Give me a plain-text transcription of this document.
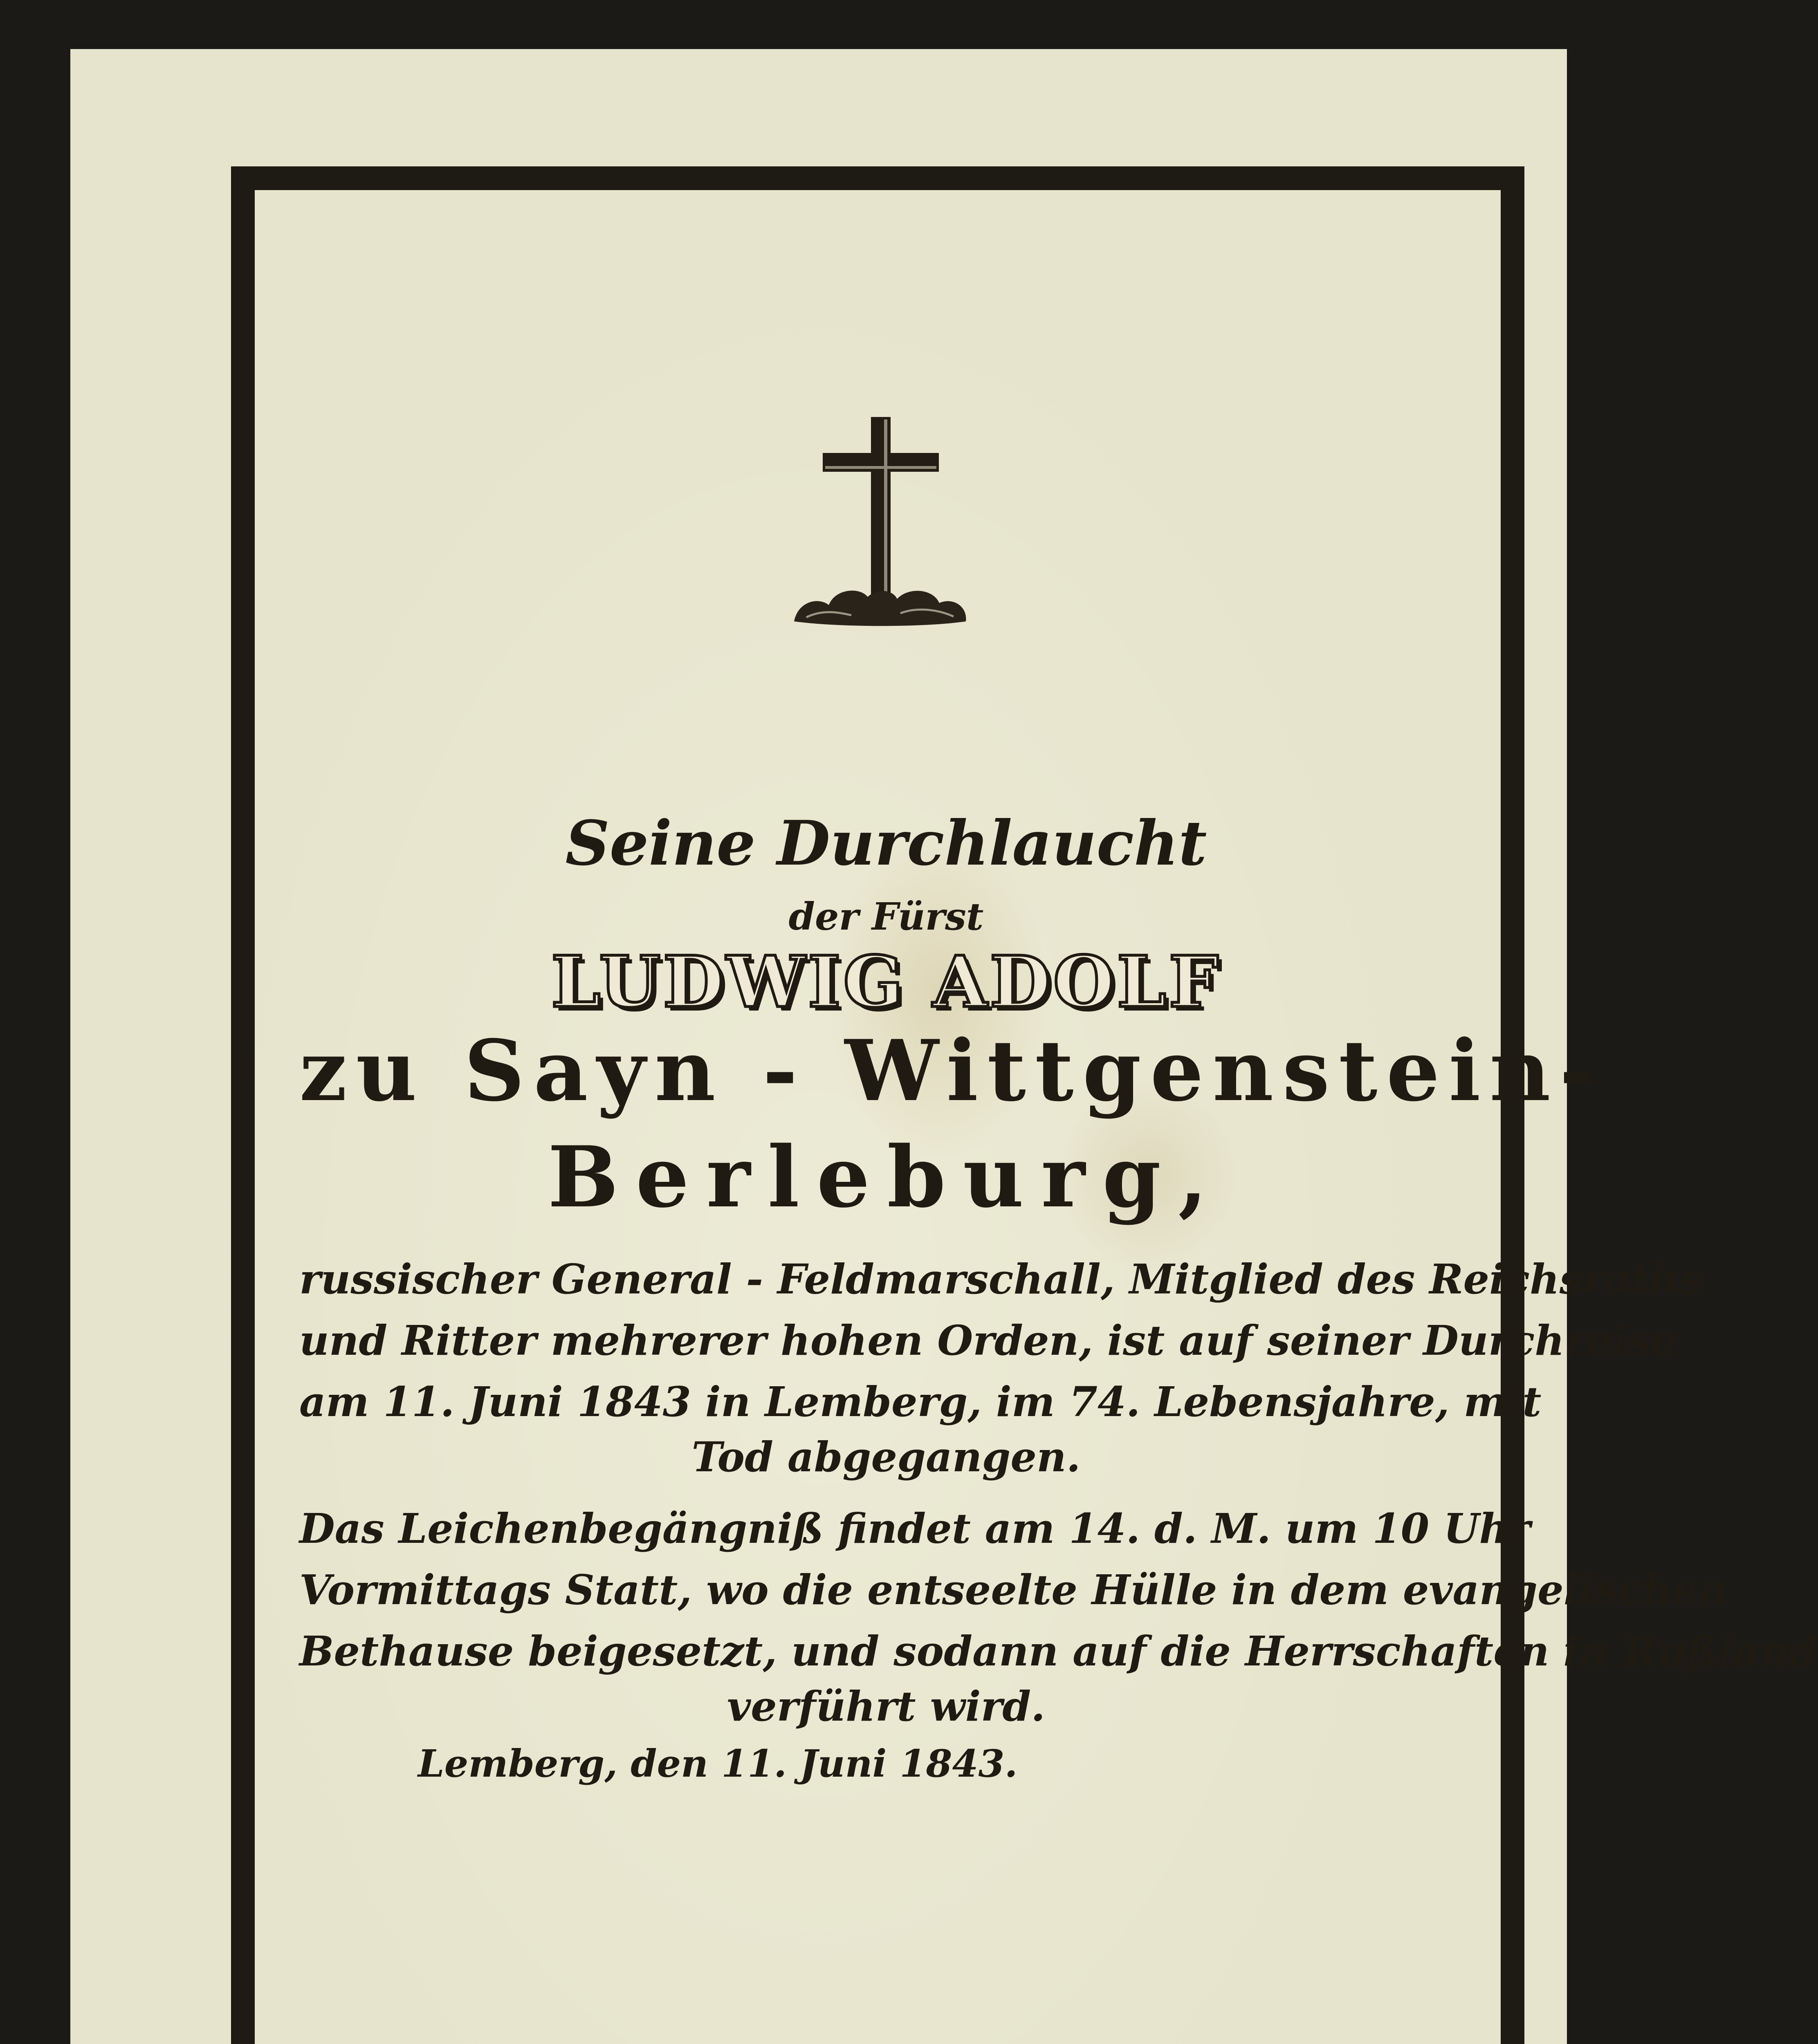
Seine Durchlaucht

der Fürst

LUDWIG ADOLF

zu Sayn - Wittgenstein-

Berleburg,

russischer General - Feldmarschall, Mitglied des Reichsraths

und Ritter mehrerer hohen Orden, ist auf seiner Durchreise

am 11. Juni 1843 in Lemberg, im 74. Lebensjahre, mit

Tod abgegangen.

Das Leichenbegängniß findet am 14. d. M. um 10 Uhr

Vormittags Statt, wo die entseelte Hülle in dem evangelischen

Bethause beigesetzt, und sodann auf die Herrschaften in Rußland

verführt wird.

Lemberg, den 11. Juni 1843.
